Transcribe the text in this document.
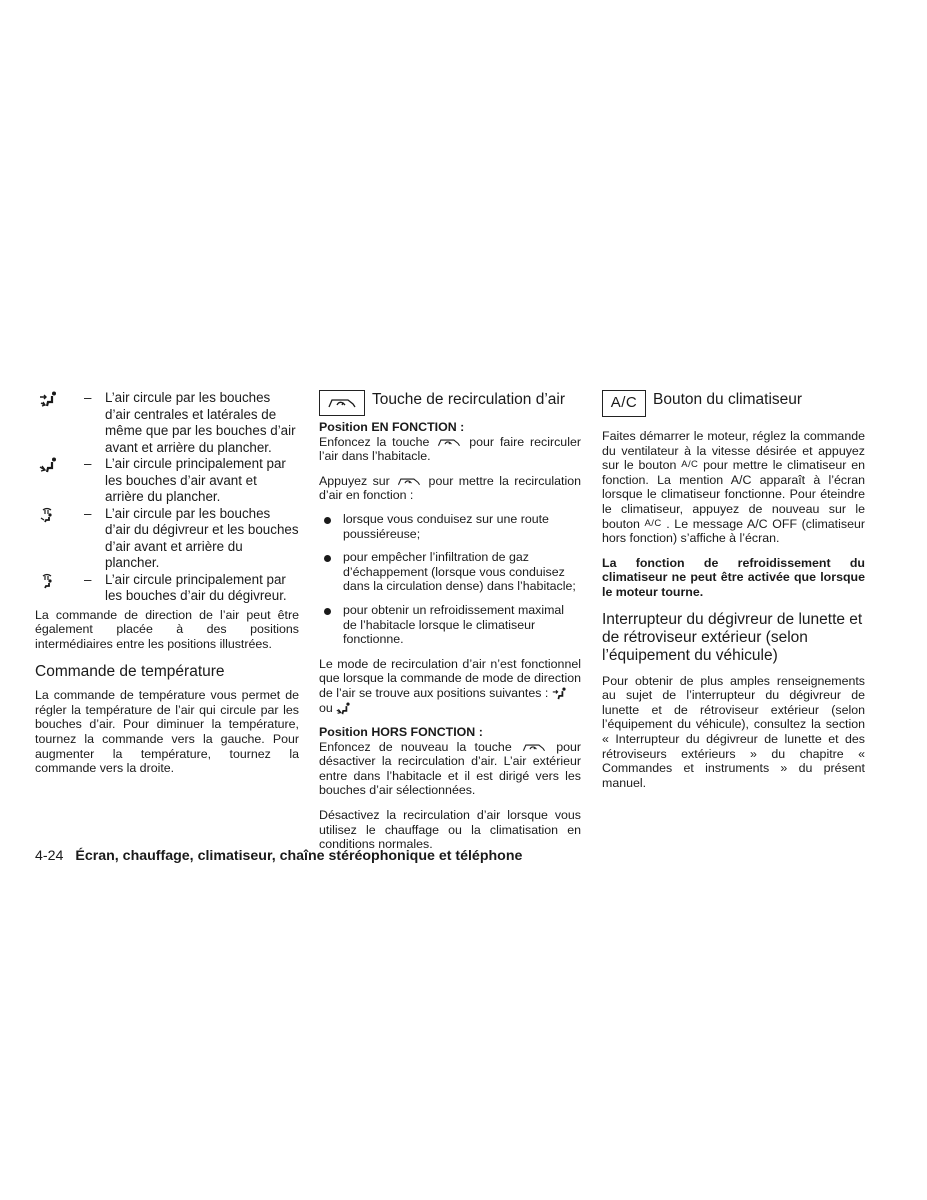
– L’air circule par les bouches d’air centrales et latérales de même que par les bouches d’air avant et arrière du plancher.

– L’air circule principalement par les bouches d’air avant et arrière du plancher.

– L’air circule par les bouches d’air du dégivreur et les bouches d’air avant et arrière du plancher.

– L’air circule principalement par les bouches d’air du dégivreur.

La commande de direction de l’air peut être également placée à des positions intermédiaires entre les positions illustrées.

Commande de température

La commande de température vous permet de régler la température de l’air qui circule par les bouches d’air. Pour diminuer la température, tournez la commande vers la gauche. Pour augmenter la température, tournez la commande vers la droite.

Touche de recirculation d’air

Position EN FONCTION :

Enfoncez la touche	pour faire recirculer l’air dans l’habitacle.

Appuyez sur	pour mettre la recirculation d’air en fonction :

lorsque vous conduisez sur une route poussiéreuse;

pour empêcher l’infiltration de gaz d’échappement (lorsque vous conduisez dans la circulation dense) dans l’habitacle;

pour obtenir un refroidissement maximal de l’habitacle lorsque le climatiseur fonctionne.

Le mode de recirculation d’air n’est fonctionnel que lorsque la commande de mode de direction de l’air se trouve aux positions suivantes :

ou

Position HORS FONCTION :

Enfoncez de nouveau la touche	pour désactiver la recirculation d’air. L’air extérieur entre dans l’habitacle et il est dirigé vers les bouches d’air sélectionnées.

Désactivez la recirculation d’air lorsque vous utilisez le chauffage ou la climatisation en conditions normales.

A/C	Bouton du climatiseur

Faites démarrer le moteur, réglez la commande du ventilateur à la vitesse désirée et appuyez sur le bouton A/C pour mettre le climatiseur en fonction. La mention A/C apparaît à l’écran lorsque le climatiseur fonctionne. Pour éteindre le climatiseur, appuyez de nouveau sur le bouton A/C . Le message A/C OFF (climatiseur hors fonction) s’affiche à l’écran.

La fonction de refroidissement du climatiseur ne peut être activée que lorsque le moteur tourne.

Interrupteur du dégivreur de lunette et de rétroviseur extérieur (selon l’équipement du véhicule)

Pour obtenir de plus amples renseignements au sujet de l’interrupteur du dégivreur de lunette et de rétroviseur extérieur (selon l’équipement du véhicule), consultez la section « Interrupteur du dégivreur de lunette et des rétroviseurs extérieurs » du chapitre « Commandes et instruments » du présent manuel.

4-24 Écran, chauffage, climatiseur, chaîne stéréophonique et téléphone
